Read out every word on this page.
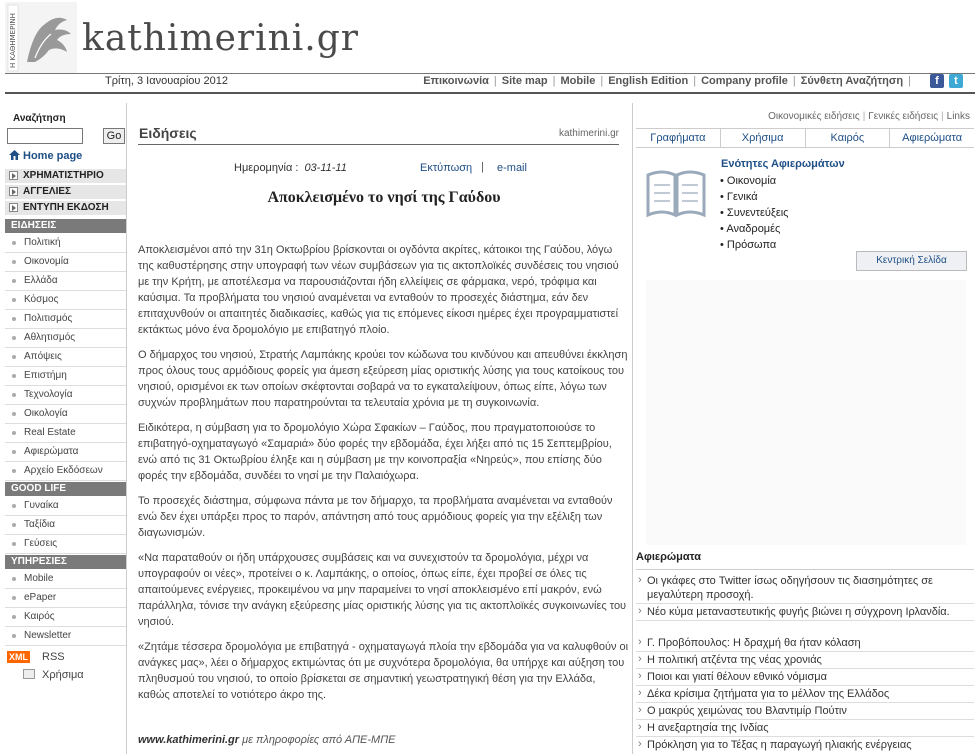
Η ΚΑΘΗΜΕΡΙΝΗ kathimerini.gr
Τρίτη, 3 Ιανουαρίου 2012	Επικοινωνία | Site map | Mobile | English Edition | Company profile | Σύνθετη Αναζήτηση |	f	t
Αναζήτηση
Go
Home page
ΧΡΗΜΑΤΙΣΤΗΡΙΟ
ΑΓΓΕΛΙΕΣ
ΕΝΤΥΠΗ ΕΚΔΟΣΗ
ΕΙΔΗΣΕΙΣ
Πολιτική
Οικονομία
Ελλάδα
Κόσμος
Πολιτισμός
Αθλητισμός
Απόψεις
Επιστήμη
Τεχνολογία
Οικολογία
Real Estate
Αφιερώματα
Αρχείο Εκδόσεων
GOOD LIFE
Γυναίκα
Ταξίδια
Γεύσεις
ΥΠΗΡΕΣΙΕΣ
Mobile
ePaper
Καιρός
Newsletter
XML RSS
Χρήσιμα
Ειδήσεις	kathimerini.gr
Ημερομηνία : 03-11-11	Εκτύπωση | e-mail
Αποκλεισμένο το νησί της Γαύδου

Αποκλεισμένοι από την 31η Οκτωβρίου βρίσκονται οι ογδόντα ακρίτες, κάτοικοι της Γαύδου, λόγω της καθυστέρησης στην υπογραφή των νέων συμβάσεων για τις ακτοπλοϊκές συνδέσεις του νησιού με την Κρήτη, με αποτέλεσμα να παρουσιάζονται ήδη ελλείψεις σε φάρμακα, νερό, τρόφιμα και καύσιμα. Τα προβλήματα του νησιού αναμένεται να ενταθούν το προσεχές διάστημα, εάν δεν επιταχυνθούν οι απαιτητές διαδικασίες, καθώς για τις επόμενες είκοσι ημέρες έχει προγραμματιστεί εκτάκτως μόνο ένα δρομολόγιο με επιβατηγό πλοίο.

Ο δήμαρχος του νησιού, Στρατής Λαμπάκης κρούει τον κώδωνα του κινδύνου και απευθύνει έκκληση προς όλους τους αρμόδιους φορείς για άμεση εξεύρεση μίας οριστικής λύσης για τους κατοίκους του νησιού, ορισμένοι εκ των οποίων σκέφτονται σοβαρά να το εγκαταλείψουν, όπως είπε, λόγω των συχνών προβλημάτων που παρατηρούνται τα τελευταία χρόνια με τη συγκοινωνία.

Ειδικότερα, η σύμβαση για το δρομολόγιο Χώρα Σφακίων – Γαύδος, που πραγματοποιούσε το επιβατηγό-οχηματαγωγό «Σαμαριά» δύο φορές την εβδομάδα, έχει λήξει από τις 15 Σεπτεμβρίου, ενώ από τις 31 Οκτωβρίου έληξε και η σύμβαση με την κοινοπραξία «Νηρεύς», που επίσης δύο φορές την εβδομάδα, συνδέει το νησί με την Παλαιόχωρα.

Το προσεχές διάστημα, σύμφωνα πάντα με τον δήμαρχο, τα προβλήματα αναμένεται να ενταθούν ενώ δεν έχει υπάρξει προς το παρόν, απάντηση από τους αρμόδιους φορείς για την εξέλιξη των διαγωνισμών.

«Να παραταθούν οι ήδη υπάρχουσες συμβάσεις και να συνεχιστούν τα δρομολόγια, μέχρι να υπογραφούν οι νέες», προτείνει ο κ. Λαμπάκης, ο οποίος, όπως είπε, έχει προβεί σε όλες τις απαιτούμενες ενέργειες, προκειμένου να μην παραμείνει το νησί αποκλεισμένο επί μακρόν, ενώ παράλληλα, τόνισε την ανάγκη εξεύρεσης μίας οριστικής λύσης για τις ακτοπλοϊκές συγκοινωνίες του νησιού.

«Ζητάμε τέσσερα δρομολόγια με επιβατηγά - οχηματαγωγά πλοία την εβδομάδα για να καλυφθούν οι ανάγκες μας», λέει ο δήμαρχος εκτιμώντας ότι με συχνότερα δρομολόγια, θα υπήρχε και αύξηση του πληθυσμού του νησιού, το οποίο βρίσκεται σε σημαντική γεωστρατηγική θέση για την Ελλάδα, καθώς αποτελεί το νοτιότερο άκρο της.

www.kathimerini.gr με πληροφορίες από ΑΠΕ-ΜΠΕ
Οικονομικές ειδήσεις | Γενικές ειδήσεις | Links
Γραφήματα	Χρήσιμα	Καιρός	Αφιερώματα
Ενότητες Αφιερωμάτων
• Οικονομία
• Γενικά
• Συνεντεύξεις
• Αναδρομές
• Πρόσωπα
Κεντρική Σελίδα
Αφιερώματα
› Οι γκάφες στο Twitter ίσως οδηγήσουν τις διασημότητες σε μεγαλύτερη προσοχή.
› Νέο κύμα μεταναστευτικής φυγής βιώνει η σύγχρονη Ιρλανδία.
› Γ. Προβόπουλος: Η δραχμή θα ήταν κόλαση
› Η πολιτική ατζέντα της νέας χρονιάς
› Ποιοι και γιατί θέλουν εθνικό νόμισμα
› Δέκα κρίσιμα ζητήματα για το μέλλον της Ελλάδος
› Ο μακρύς χειμώνας του Βλαντιμίρ Πούτιν
› Η ανεξαρτησία της Ινδίας
› Πρόκληση για το Τέξας η παραγωγή ηλιακής ενέργειας
